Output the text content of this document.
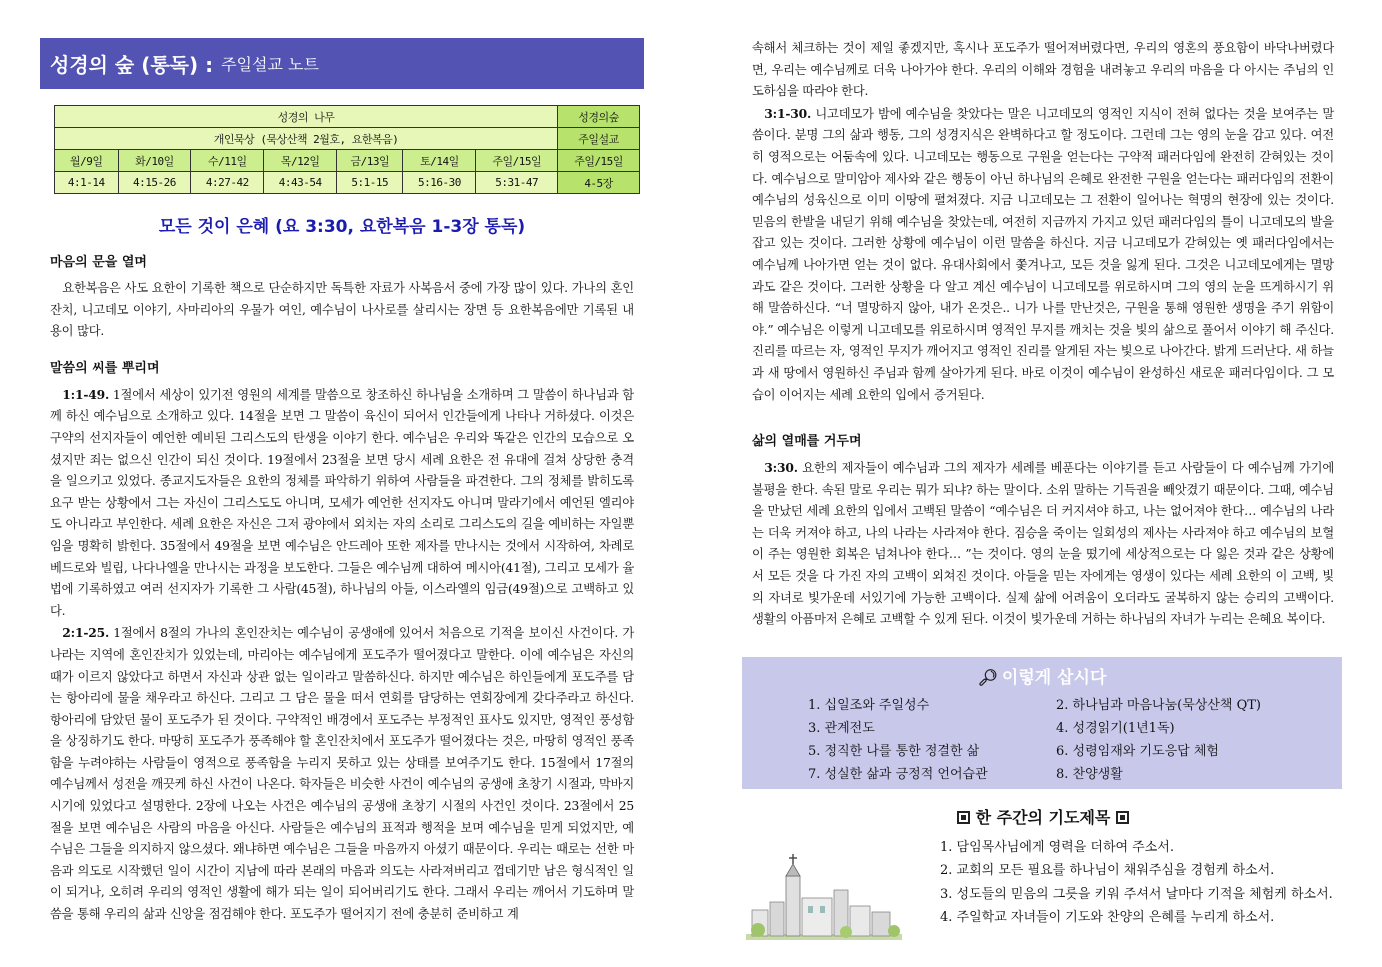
성경의 숲 (통독) : 주일설교 노트
성경의 나무							성경의숲
개인묵상 (묵상산책 2월호, 요한복음)							주일설교
월/9일	화/10일	수/11일	목/12일	금/13일	토/14일	주일/15일	주일/15일
4:1-14	4:15-26	4:27-42	4:43-54	5:1-15	5:16-30	5:31-47	4-5장
모든 것이 은혜 (요 3:30, 요한복음 1-3장 통독)
마음의 문을 열며

요한복음은 사도 요한이 기록한 책으로 단순하지만 독특한 자료가 사복음서 중에 가장 많이 있다. 가나의 혼인 잔치, 니고데모 이야기, 사마리아의 우물가 여인, 예수님이 나사로를 살리시는 장면 등 요한복음에만 기록된 내용이 많다.

말씀의 씨를 뿌리며

1:1-49. 1절에서 세상이 있기전 영원의 세계를 말씀으로 창조하신 하나님을 소개하며 그 말씀이 하나님과 함께 하신 예수님으로 소개하고 있다. 14절을 보면 그 말씀이 육신이 되어서 인간들에게 나타나 거하셨다. 이것은 구약의 선지자들이 예언한 예비된 그리스도의 탄생을 이야기 한다. 예수님은 우리와 똑같은 인간의 모습으로 오셨지만 죄는 없으신 인간이 되신 것이다. 19절에서 23절을 보면 당시 세례 요한은 전 유대에 걸쳐 상당한 충격을 일으키고 있었다. 종교지도자들은 요한의 정체를 파악하기 위하여 사람들을 파견한다. 그의 정체를 밝히도록 요구 받는 상황에서 그는 자신이 그리스도도 아니며, 모세가 예언한 선지자도 아니며 말라기에서 예언된 엘리야도 아니라고 부인한다. 세례 요한은 자신은 그저 광야에서 외치는 자의 소리로 그리스도의 길을 예비하는 자일뿐임을 명확히 밝힌다. 35절에서 49절을 보면 예수님은 안드레아 또한 제자를 만나시는 것에서 시작하여, 차례로 베드로와 빌립, 나다나엘을 만나시는 과정을 보도한다. 그들은 예수님께 대하여 메시아(41절), 그리고 모세가 율법에 기록하였고 여러 선지자가 기록한 그 사람(45절), 하나님의 아들, 이스라엘의 임금(49절)으로 고백하고 있다.

2:1-25. 1절에서 8절의 가나의 혼인잔치는 예수님이 공생애에 있어서 처음으로 기적을 보이신 사건이다. 가나라는 지역에 혼인잔치가 있었는데, 마리아는 예수님에게 포도주가 떨어졌다고 말한다. 이에 예수님은 자신의 때가 이르지 않았다고 하면서 자신과 상관 없는 일이라고 말씀하신다. 하지만 예수님은 하인들에게 포도주를 담는 항아리에 물을 채우라고 하신다. 그리고 그 담은 물을 떠서 연회를 담당하는 연회장에게 갖다주라고 하신다. 항아리에 담았던 물이 포도주가 된 것이다. 구약적인 배경에서 포도주는 부정적인 표사도 있지만, 영적인 풍성함을 상징하기도 한다. 마땅히 포도주가 풍족해야 할 혼인잔치에서 포도주가 떨어졌다는 것은, 마땅히 영적인 풍족함을 누려야하는 사람들이 영적으로 풍족함을 누리지 못하고 있는 상태를 보여주기도 한다. 15절에서 17절의 예수님께서 성전을 깨끗케 하신 사건이 나온다. 학자들은 비슷한 사건이 예수님의 공생애 초창기 시절과, 막바지 시기에 있었다고 설명한다. 2장에 나오는 사건은 예수님의 공생애 초창기 시절의 사건인 것이다. 23절에서 25절을 보면 예수님은 사람의 마음을 아신다. 사람들은 예수님의 표적과 행적을 보며 예수님을 믿게 되었지만, 예수님은 그들을 의지하지 않으셨다. 왜냐하면 예수님은 그들을 마음까지 아셨기 때문이다. 우리는 때로는 선한 마음과 의도로 시작했던 일이 시간이 지남에 따라 본래의 마음과 의도는 사라져버리고 껍데기만 남은 형식적인 일이 되거나, 오히려 우리의 영적인 생활에 해가 되는 일이 되어버리기도 한다. 그래서 우리는 깨어서 기도하며 말씀을 통해 우리의 삶과 신앙을 점검해야 한다. 포도주가 떨어지기 전에 충분히 준비하고 계

속해서 체크하는 것이 제일 좋겠지만, 혹시나 포도주가 떨어져버렸다면, 우리의 영혼의 풍요함이 바닥나버렸다면, 우리는 예수님께로 더욱 나아가야 한다. 우리의 이해와 경험을 내려놓고 우리의 마음을 다 아시는 주님의 인도하심을 따라야 한다.

3:1-30. 니고데모가 밤에 예수님을 찾았다는 말은 니고데모의 영적인 지식이 전혀 없다는 것을 보여주는 말씀이다. 분명 그의 삶과 행동, 그의 성경지식은 완벽하다고 할 정도이다. 그런데 그는 영의 눈을 감고 있다. 여전히 영적으로는 어둠속에 있다. 니고데모는 행동으로 구원을 얻는다는 구약적 패러다임에 완전히 갇혀있는 것이다. 예수님으로 말미암아 제사와 같은 행동이 아닌 하나님의 은혜로 완전한 구원을 얻는다는 패러다임의 전환이 예수님의 성육신으로 이미 이땅에 펼쳐졌다. 지금 니고데모는 그 전환이 일어나는 혁명의 현장에 있는 것이다. 믿음의 한발을 내딛기 위해 예수님을 찾았는데, 여전히 지금까지 가지고 있던 패러다임의 틀이 니고데모의 발을 잡고 있는 것이다. 그러한 상황에 예수님이 이런 말씀을 하신다. 지금 니고데모가 갇혀있는 옛 패러다임에서는 예수님께 나아가면 얻는 것이 없다. 유대사회에서 쫓겨나고, 모든 것을 잃게 된다. 그것은 니고데모에게는 멸망과도 같은 것이다. 그러한 상황을 다 알고 계신 예수님이 니고데모를 위로하시며 그의 영의 눈을 뜨게하시기 위해 말씀하신다. “너 멸망하지 않아, 내가 온것은.. 니가 나를 만난것은, 구원을 통해 영원한 생명을 주기 위함이야.” 예수님은 이렇게 니고데모를 위로하시며 영적인 무지를 깨치는 것을 빛의 삶으로 풀어서 이야기 해 주신다. 진리를 따르는 자, 영적인 무지가 깨어지고 영적인 진리를 알게된 자는 빛으로 나아간다. 밝게 드러난다. 새 하늘과 새 땅에서 영원하신 주님과 함께 살아가게 된다. 바로 이것이 예수님이 완성하신 새로운 패러다임이다. 그 모습이 이어지는 세례 요한의 입에서 증거된다.

삶의 열매를 거두며

3:30. 요한의 제자들이 예수님과 그의 제자가 세례를 베푼다는 이야기를 듣고 사람들이 다 예수님께 가기에 불평을 한다. 속된 말로 우리는 뭐가 되냐? 하는 말이다. 소위 말하는 기득권을 빼앗겼기 때문이다. 그때, 예수님을 만났던 세례 요한의 입에서 고백된 말씀이 “예수님은 더 커지셔야 하고, 나는 없어져야 한다… 예수님의 나라는 더욱 커져야 하고, 나의 나라는 사라져야 한다. 짐승을 죽이는 일회성의 제사는 사라져야 하고 예수님의 보혈이 주는 영원한 회복은 넘쳐나야 한다… ”는 것이다. 영의 눈을 떴기에 세상적으로는 다 잃은 것과 같은 상황에서 모든 것을 다 가진 자의 고백이 외쳐진 것이다. 아들을 믿는 자에게는 영생이 있다는 세례 요한의 이 고백, 빛의 자녀로 빛가운데 서있기에 가능한 고백이다. 실제 삶에 어려움이 오더라도 굴복하지 않는 승리의 고백이다. 생활의 아픔마저 은혜로 고백할 수 있게 된다. 이것이 빛가운데 거하는 하나님의 자녀가 누리는 은혜요 복이다.

🔎︎ 이렇게 삽시다
1. 십일조와 주일성수	2. 하나님과 마음나눔(묵상산책 QT)
3. 관계전도	4. 성경읽기(1년1독)
5. 정직한 나를 통한 정결한 삶	6. 성령임재와 기도응답 체험
7. 성실한 삶과 긍정적 언어습관	8. 찬양생활
한 주간의 기도제목
1. 담임목사님에게 영력을 더하여 주소서.
2. 교회의 모든 필요를 하나님이 채워주심을 경험케 하소서.
3. 성도들의 믿음의 그릇을 키워 주셔서 날마다 기적을 체험케 하소서.
4. 주일학교 자녀들이 기도와 찬양의 은혜를 누리게 하소서.
